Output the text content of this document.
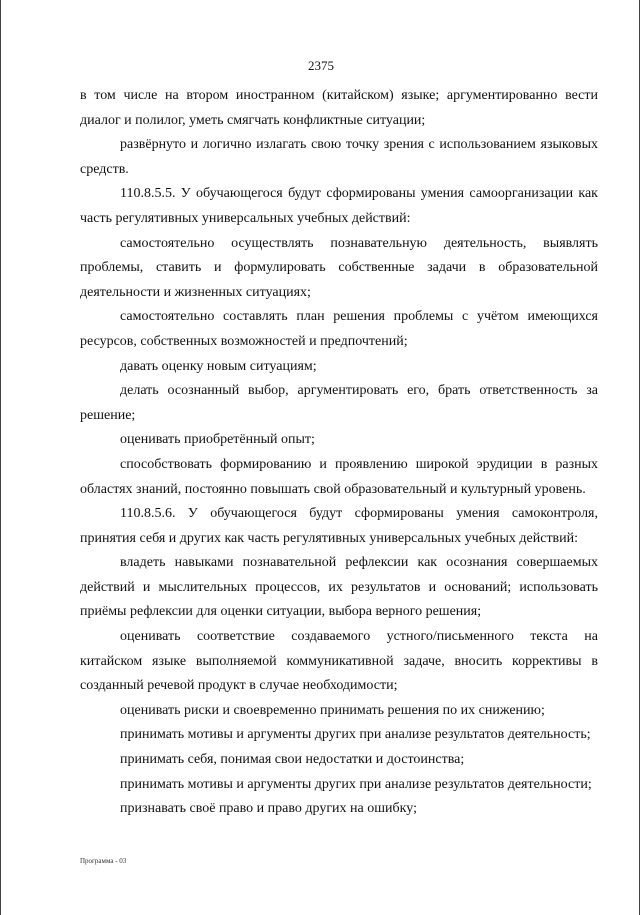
2375

в том числе на втором иностранном (китайском) языке; аргументированно вести диалог и полилог, уметь смягчать конфликтные ситуации;

развёрнуто и логично излагать свою точку зрения с использованием языковых средств.

110.8.5.5. У обучающегося будут сформированы умения самоорганизации как часть регулятивных универсальных учебных действий:

самостоятельно осуществлять познавательную деятельность, выявлять проблемы, ставить и формулировать собственные задачи в образовательной деятельности и жизненных ситуациях;

самостоятельно составлять план решения проблемы с учётом имеющихся ресурсов, собственных возможностей и предпочтений;

давать оценку новым ситуациям;

делать осознанный выбор, аргументировать его, брать ответственность за решение;

оценивать приобретённый опыт;

способствовать формированию и проявлению широкой эрудиции в разных областях знаний, постоянно повышать свой образовательный и культурный уровень.

110.8.5.6. У обучающегося будут сформированы умения самоконтроля, принятия себя и других как часть регулятивных универсальных учебных действий:

владеть навыками познавательной рефлексии как осознания совершаемых действий и мыслительных процессов, их результатов и оснований; использовать приёмы рефлексии для оценки ситуации, выбора верного решения;

оценивать соответствие создаваемого устного/письменного текста на китайском языке выполняемой коммуникативной задаче, вносить коррективы в созданный речевой продукт в случае необходимости;

оценивать риски и своевременно принимать решения по их снижению;

принимать мотивы и аргументы других при анализе результатов деятельность;

принимать себя, понимая свои недостатки и достоинства;

принимать мотивы и аргументы других при анализе результатов деятельности;

признавать своё право и право других на ошибку;

Программа - 03
